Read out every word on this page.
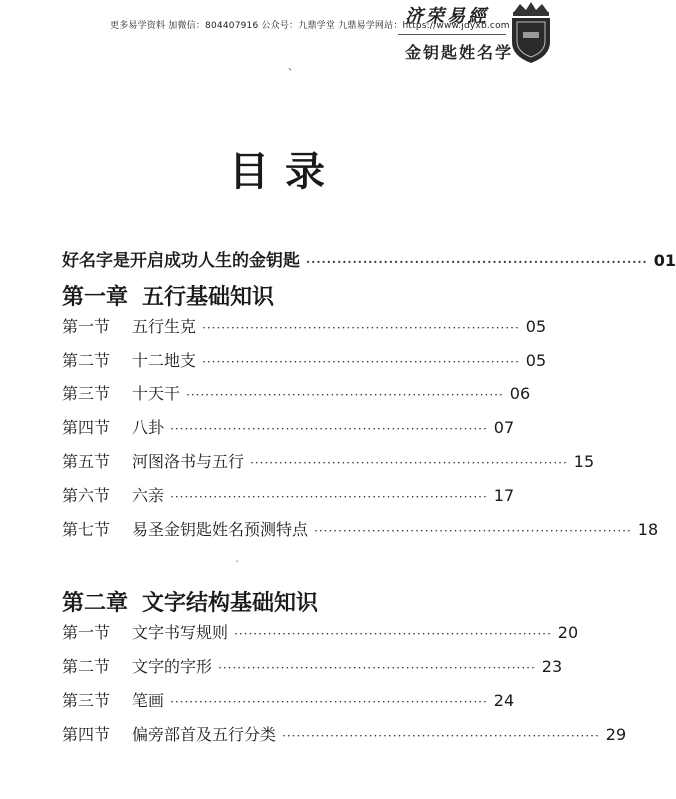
更多易学资料 加微信：804407916 公众号：九鼎学堂 九鼎易学网站：https://www.jdyxb.com
济荣易經
金钥匙姓名学
、
′
目录
好名字是开启成功人生的金钥匙 ·································································· 01
第一章 五行基础知识
第一节 五行生克 ·································································· 05
第二节 十二地支 ·································································· 05
第三节 十天干 ·································································· 06
第四节 八卦 ·································································· 07
第五节 河图洛书与五行 ·································································· 15
第六节 六亲 ·································································· 17
第七节 易圣金钥匙姓名预测特点 ·································································· 18
第二章 文字结构基础知识
第一节 文字书写规则 ·································································· 20
第二节 文字的字形 ·································································· 23
第三节 笔画 ·································································· 24
第四节 偏旁部首及五行分类 ·································································· 29
